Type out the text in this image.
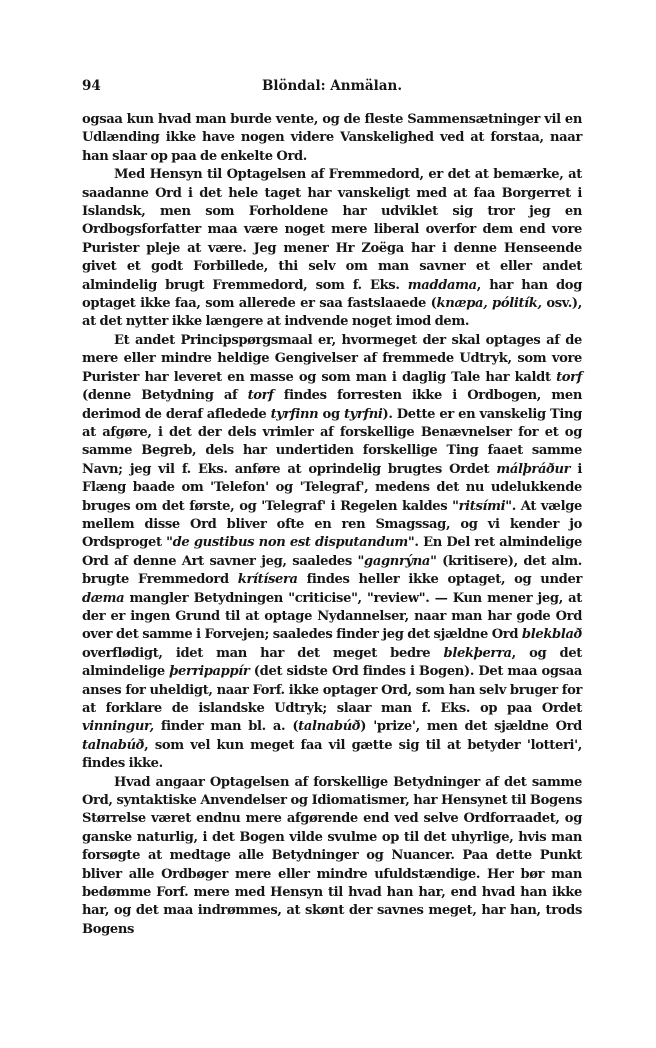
94	Blöndal: Anmälan.

ogsaa kun hvad man burde vente, og de fleste Sammensætninger vil en Udlænding ikke have nogen videre Vanskelighed ved at forstaa, naar han slaar op paa de enkelte Ord.

Med Hensyn til Optagelsen af Fremmedord, er det at bemærke, at saadanne Ord i det hele taget har vanskeligt med at faa Borgerret i Islandsk, men som Forholdene har udviklet sig tror jeg en Ordbogsforfatter maa være noget mere liberal overfor dem end vore Purister pleje at være. Jeg mener Hr Zoëga har i denne Henseende givet et godt Forbillede, thi selv om man savner et eller andet almindelig brugt Fremmedord, som f. Eks. maddama, har han dog optaget ikke faa, som allerede er saa fastslaaede (knæpa, pólitík, osv.), at det nytter ikke længere at indvende noget imod dem.

Et andet Principspørgsmaal er, hvormeget der skal optages af de mere eller mindre heldige Gengivelser af fremmede Udtryk, som vore Purister har leveret en masse og som man i daglig Tale har kaldt torf (denne Betydning af torf findes forresten ikke i Ordbogen, men derimod de deraf afledede tyrfinn og tyrfni). Dette er en vanskelig Ting at afgøre, i det der dels vrimler af forskellige Benævnelser for et og samme Begreb, dels har undertiden forskellige Ting faaet samme Navn; jeg vil f. Eks. anføre at oprindelig brugtes Ordet málþráður i Flæng baade om 'Telefon' og 'Telegraf', medens det nu udelukkende bruges om det første, og 'Telegraf' i Regelen kaldes "ritsími". At vælge mellem disse Ord bliver ofte en ren Smagssag, og vi kender jo Ordsproget "de gustibus non est disputandum". En Del ret almindelige Ord af denne Art savner jeg, saaledes "gagnrýna" (kritisere), det alm. brugte Fremmedord krítísera findes heller ikke optaget, og under dæma mangler Betydningen "criticise", "review". — Kun mener jeg, at der er ingen Grund til at optage Nydannelser, naar man har gode Ord over det samme i Forvejen; saaledes finder jeg det sjældne Ord blekblað overflødigt, idet man har det meget bedre blekþerra, og det almindelige þerripappír (det sidste Ord findes i Bogen). Det maa ogsaa anses for uheldigt, naar Forf. ikke optager Ord, som han selv bruger for at forklare de islandske Udtryk; slaar man f. Eks. op paa Ordet vinningur, finder man bl. a. (talnabúð) 'prize', men det sjældne Ord talnabúð, som vel kun meget faa vil gætte sig til at betyder 'lotteri', findes ikke.

Hvad angaar Optagelsen af forskellige Betydninger af det samme Ord, syntaktiske Anvendelser og Idiomatismer, har Hensynet til Bogens Størrelse været endnu mere afgørende end ved selve Ordforraadet, og ganske naturlig, i det Bogen vilde svulme op til det uhyrlige, hvis man forsøgte at medtage alle Betydninger og Nuancer. Paa dette Punkt bliver alle Ordbøger mere eller mindre ufuldstændige. Her bør man bedømme Forf. mere med Hensyn til hvad han har, end hvad han ikke har, og det maa indrømmes, at skønt der savnes meget, har han, trods Bogens
